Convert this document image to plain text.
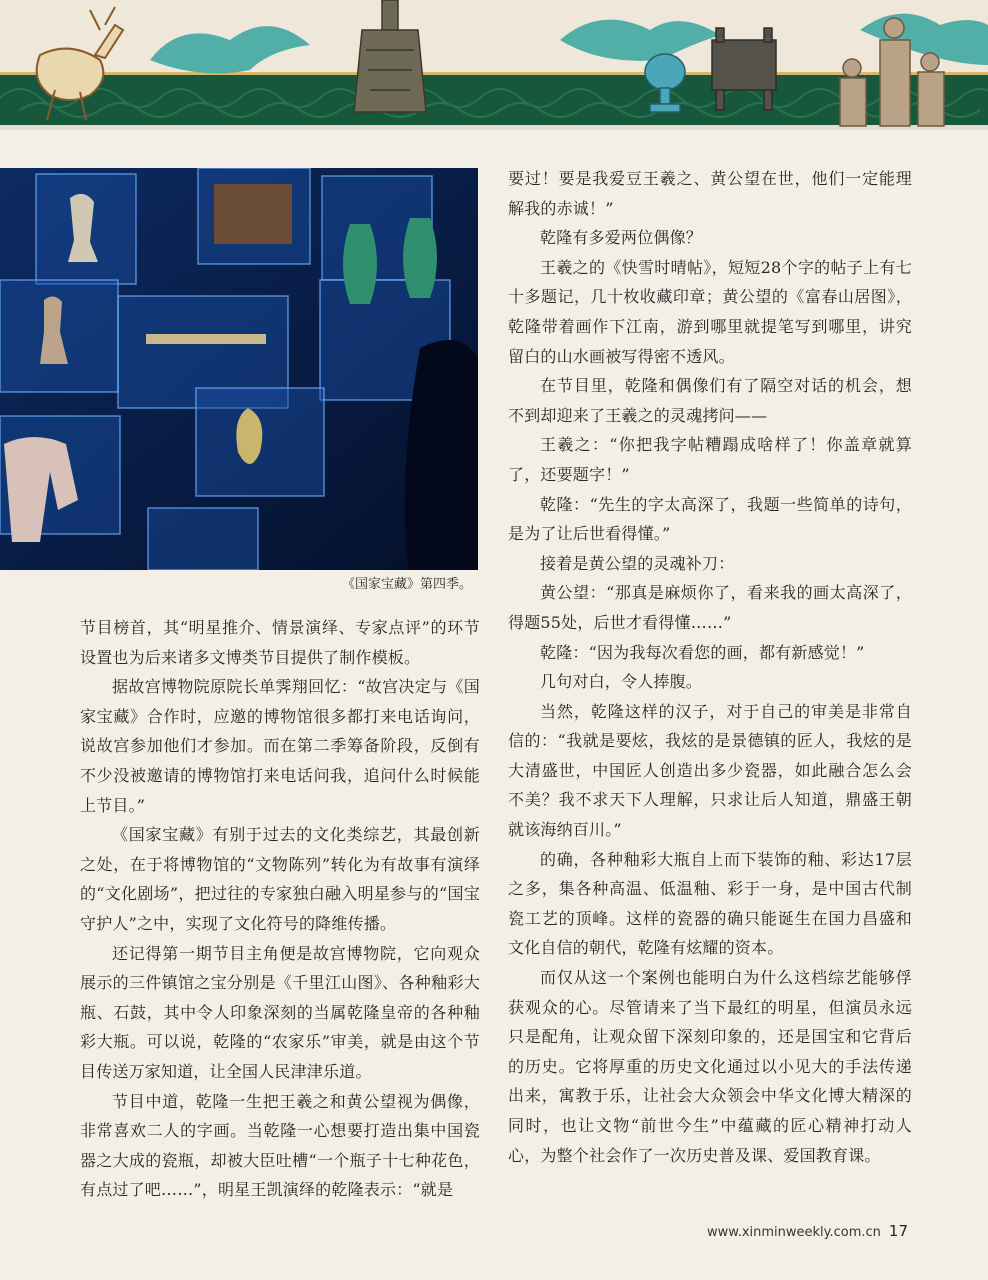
《国家宝藏》第四季。

节目榜首，其“明星推介、情景演绎、专家点评”的环节设置也为后来诸多文博类节目提供了制作模板。

据故宫博物院原院长单霁翔回忆：“故宫决定与《国家宝藏》合作时，应邀的博物馆很多都打来电话询问，说故宫参加他们才参加。而在第二季筹备阶段，反倒有不少没被邀请的博物馆打来电话问我，追问什么时候能上节目。”

《国家宝藏》有别于过去的文化类综艺，其最创新之处，在于将博物馆的“文物陈列”转化为有故事有演绎的“文化剧场”，把过往的专家独白融入明星参与的“国宝守护人”之中，实现了文化符号的降维传播。

还记得第一期节目主角便是故宫博物院，它向观众展示的三件镇馆之宝分别是《千里江山图》、各种釉彩大瓶、石鼓，其中令人印象深刻的当属乾隆皇帝的各种釉彩大瓶。可以说，乾隆的“农家乐”审美，就是由这个节目传送万家知道，让全国人民津津乐道。

节目中道，乾隆一生把王羲之和黄公望视为偶像，非常喜欢二人的字画。当乾隆一心想要打造出集中国瓷器之大成的瓷瓶，却被大臣吐槽“一个瓶子十七种花色，有点过了吧……”，明星王凯演绎的乾隆表示：“就是

要过！要是我爱豆王羲之、黄公望在世，他们一定能理解我的赤诚！”

乾隆有多爱两位偶像？

王羲之的《快雪时晴帖》，短短28个字的帖子上有七十多题记，几十枚收藏印章；黄公望的《富春山居图》，乾隆带着画作下江南，游到哪里就提笔写到哪里，讲究留白的山水画被写得密不透风。

在节目里，乾隆和偶像们有了隔空对话的机会，想不到却迎来了王羲之的灵魂拷问——

王羲之：“你把我字帖糟蹋成啥样了！你盖章就算了，还要题字！”

乾隆：“先生的字太高深了，我题一些简单的诗句，是为了让后世看得懂。”

接着是黄公望的灵魂补刀：

黄公望：“那真是麻烦你了，看来我的画太高深了，得题55处，后世才看得懂……”

乾隆：“因为我每次看您的画，都有新感觉！”

几句对白，令人捧腹。

当然，乾隆这样的汉子，对于自己的审美是非常自信的：“我就是要炫，我炫的是景德镇的匠人，我炫的是大清盛世，中国匠人创造出多少瓷器，如此融合怎么会不美？我不求天下人理解，只求让后人知道，鼎盛王朝就该海纳百川。”

的确，各种釉彩大瓶自上而下装饰的釉、彩达17层之多，集各种高温、低温釉、彩于一身，是中国古代制瓷工艺的顶峰。这样的瓷器的确只能诞生在国力昌盛和文化自信的朝代，乾隆有炫耀的资本。

而仅从这一个案例也能明白为什么这档综艺能够俘获观众的心。尽管请来了当下最红的明星，但演员永远只是配角，让观众留下深刻印象的，还是国宝和它背后的历史。它将厚重的历史文化通过以小见大的手法传递出来，寓教于乐，让社会大众领会中华文化博大精深的同时，也让文物“前世今生”中蕴藏的匠心精神打动人心，为整个社会作了一次历史普及课、爱国教育课。

www.xinminweekly.com.cn 17
